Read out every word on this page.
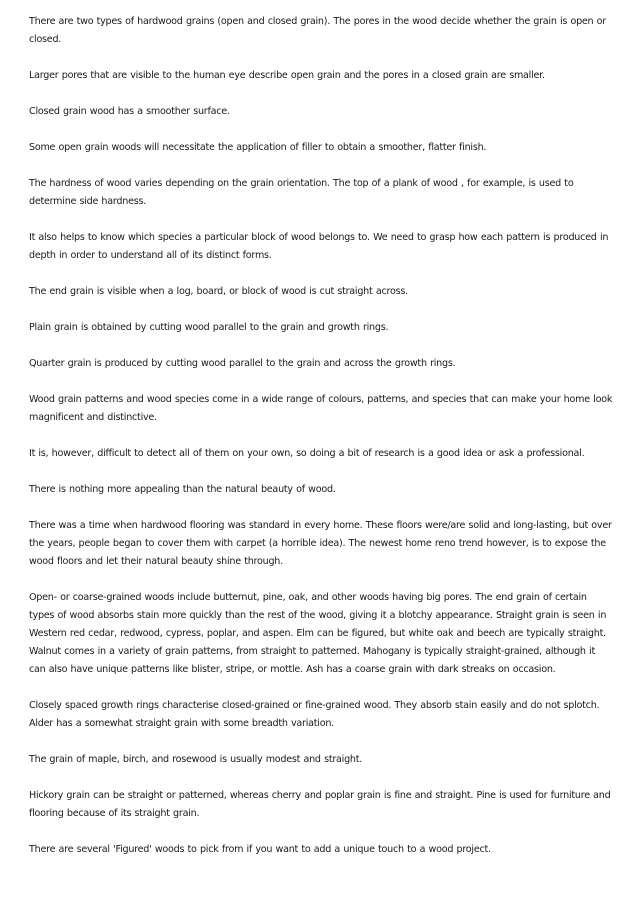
There are two types of hardwood grains (open and closed grain). The pores in the wood decide whether the grain is open or closed.

Larger pores that are visible to the human eye describe open grain and the pores in a closed grain are smaller.

Closed grain wood has a smoother surface.

Some open grain woods will necessitate the application of filler to obtain a smoother, flatter finish.

The hardness of wood varies depending on the grain orientation. The top of a plank of wood , for example, is used to determine side hardness.

It also helps to know which species a particular block of wood belongs to. We need to grasp how each pattern is produced in depth in order to understand all of its distinct forms.

The end grain is visible when a log, board, or block of wood is cut straight across.

Plain grain is obtained by cutting wood parallel to the grain and growth rings.

Quarter grain is produced by cutting wood parallel to the grain and across the growth rings.

Wood grain patterns and wood species come in a wide range of colours, patterns, and species that can make your home look magnificent and distinctive.

It is, however, difficult to detect all of them on your own, so doing a bit of research is a good idea or ask a professional.

There is nothing more appealing than the natural beauty of wood.

There was a time when hardwood flooring was standard in every home. These floors were/are solid and long-lasting, but over the years, people began to cover them with carpet (a horrible idea). The newest home reno trend however, is to expose the wood floors and let their natural beauty shine through.

Open- or coarse-grained woods include butternut, pine, oak, and other woods having big pores. The end grain of certain types of wood absorbs stain more quickly than the rest of the wood, giving it a blotchy appearance. Straight grain is seen in Western red cedar, redwood, cypress, poplar, and aspen. Elm can be figured, but white oak and beech are typically straight. Walnut comes in a variety of grain patterns, from straight to patterned. Mahogany is typically straight-grained, although it can also have unique patterns like blister, stripe, or mottle. Ash has a coarse grain with dark streaks on occasion.

Closely spaced growth rings characterise closed-grained or fine-grained wood. They absorb stain easily and do not splotch. Alder has a somewhat straight grain with some breadth variation.

The grain of maple, birch, and rosewood is usually modest and straight.

Hickory grain can be straight or patterned, whereas cherry and poplar grain is fine and straight. Pine is used for furniture and flooring because of its straight grain.

There are several 'Figured' woods to pick from if you want to add a unique touch to a wood project.
